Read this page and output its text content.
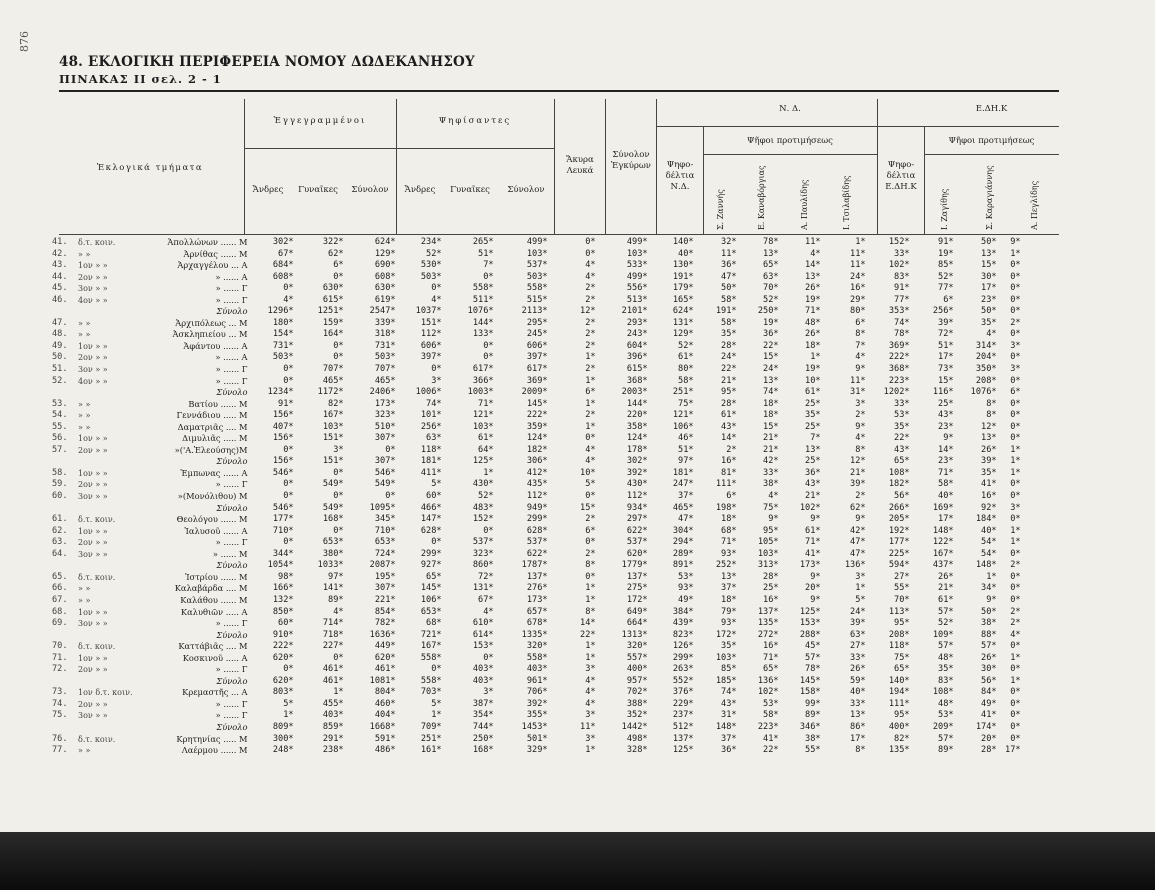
876
48. ΕΚΛΟΓΙΚΗ ΠΕΡΙΦΕΡΕΙΑ ΝΟΜΟΥ ΔΩΔΕΚΑΝΗΣΟΥ
ΠΙΝΑΚΑΣ II σελ. 2 - 1
Ἐκλογικά τμήματα
Ἐγγεγραμμένοι	Ψηφίσαντες
Ἄνδρες	Γυναῖκες	Σύνολον	Ἄνδρες	Γυναῖκες	Σύνολον
Ἄκυρα Λευκά
Σύνολον Ἐγκύρων
Ν. Δ.	Ε.ΔΗ.Κ
Ψῆφοι προτιμήσεως	Ψῆφοι προτιμήσεως
Ψηφο-δέλτια Ν.Δ.
Ψηφο-δέλτια Ε.ΔΗ.Κ
Σ. Ζαννής	Ε. Καναβόργιας	Α. Παυλίδης	Ι. Τσιλαβίδης	Ι. Ζαγίθης	Σ. Καραγιάννης	Α. Πεγλίδης
41.	δ.τ. κοιν.	Ἀπολλώνων ...... Μ	302*	322*	624*	234*	265*	499*	0*	499*	140*	32*	78*	11*	1*	152*	91*	50*	9*
42.	» »	Ἀρνίθας ...... Μ	67*	62*	129*	52*	51*	103*	0*	103*	40*	11*	13*	4*	11*	33*	19*	13*	1*
43.	1ον » »	Ἀρχαγγέλου ... Α	684*	6*	690*	530*	7*	537*	4*	533*	130*	36*	65*	14*	11*	102*	85*	15*	0*
44.	2ον » »	» ...... Α	608*	0*	608*	503*	0*	503*	4*	499*	191*	47*	63*	13*	24*	83*	52*	30*	0*
45.	3ον » »	» ...... Γ	0*	630*	630*	0*	558*	558*	2*	556*	179*	50*	70*	26*	16*	91*	77*	17*	0*
46.	4ον » »	» ...... Γ	4*	615*	619*	4*	511*	515*	2*	513*	165*	58*	52*	19*	29*	77*	6*	23*	0*
		Σύνολο	1296*	1251*	2547*	1037*	1076*	2113*	12*	2101*	624*	191*	250*	71*	80*	353*	256*	50*	0*
47.	» »	Ἀρχιπόλεως ... Μ	180*	159*	339*	151*	144*	295*	2*	293*	131*	58*	19*	48*	6*	74*	39*	35*	2*
48.	» »	Ἀσκληπιείου ... Μ	154*	164*	318*	112*	133*	245*	2*	243*	129*	35*	36*	26*	8*	78*	72*	4*	0*
49.	1ον » »	Ἀφάντου ...... Α	731*	0*	731*	606*	0*	606*	2*	604*	52*	28*	22*	18*	7*	369*	51*	314*	3*
50.	2ον » »	» ...... Α	503*	0*	503*	397*	0*	397*	1*	396*	61*	24*	15*	1*	4*	222*	17*	204*	0*
51.	3ον » »	» ...... Γ	0*	707*	707*	0*	617*	617*	2*	615*	80*	22*	24*	19*	9*	368*	73*	350*	3*
52.	4ον » »	» ...... Γ	0*	465*	465*	3*	366*	369*	1*	368*	58*	21*	13*	10*	11*	223*	15*	208*	0*
		Σύνολο	1234*	1172*	2406*	1006*	1003*	2009*	6*	2003*	251*	95*	74*	61*	31*	1202*	116*	1076*	6*
53.	» »	Βατίου ...... Μ	91*	82*	173*	74*	71*	145*	1*	144*	75*	28*	18*	25*	3*	33*	25*	8*	0*
54.	» »	Γεννάδιου ..... Μ	156*	167*	323*	101*	121*	222*	2*	220*	121*	61*	18*	35*	2*	53*	43*	8*	0*
55.	» »	Δαματριᾶς .... Μ	407*	103*	510*	256*	103*	359*	1*	358*	106*	43*	15*	25*	9*	35*	23*	12*	0*
56.	1ον » »	Διμυλιᾶς ..... Μ	156*	151*	307*	63*	61*	124*	0*	124*	46*	14*	21*	7*	4*	22*	9*	13*	0*
57.	2ον » »	»('Α.Ἐλεούσης)Μ	0*	3*	0*	118*	64*	182*	4*	178*	51*	2*	21*	13*	8*	43*	14*	26*	1*
		Σύνολο	156*	151*	307*	181*	125*	306*	4*	302*	97*	16*	42*	25*	12*	65*	23*	39*	1*
58.	1ον » »	Ἐμπωνας ...... Α	546*	0*	546*	411*	1*	412*	10*	392*	181*	81*	33*	36*	21*	108*	71*	35*	1*
59.	2ον » »	» ...... Γ	0*	549*	549*	5*	430*	435*	5*	430*	247*	111*	38*	43*	39*	182*	58*	41*	0*
60.	3ον » »	»(Μονόλιθου) Μ	0*	0*	0*	60*	52*	112*	0*	112*	37*	6*	4*	21*	2*	56*	40*	16*	0*
		Σύνολο	546*	549*	1095*	466*	483*	949*	15*	934*	465*	198*	75*	102*	62*	266*	169*	92*	3*
61.	δ.τ. κοιν.	Θεολόγου ...... Μ	177*	168*	345*	147*	152*	299*	2*	297*	47*	18*	9*	9*	9*	205*	17*	184*	0*
62.	1ον » »	Ἰαλυσοῦ ...... Α	710*	0*	710*	628*	0*	628*	6*	622*	304*	68*	95*	61*	42*	192*	148*	40*	1*
63.	2ον » »	» ...... Γ	0*	653*	653*	0*	537*	537*	0*	537*	294*	71*	105*	71*	47*	177*	122*	54*	1*
64.	3ον » »	» ...... Μ	344*	380*	724*	299*	323*	622*	2*	620*	289*	93*	103*	41*	47*	225*	167*	54*	0*
		Σύνολο	1054*	1033*	2087*	927*	860*	1787*	8*	1779*	891*	252*	313*	173*	136*	594*	437*	148*	2*
65.	δ.τ. κοιν.	Ἰστρίου ...... Μ	98*	97*	195*	65*	72*	137*	0*	137*	53*	13*	28*	9*	3*	27*	26*	1*	0*
66.	» »	Καλαβάρδα .... Μ	166*	141*	307*	145*	131*	276*	1*	275*	93*	37*	25*	20*	1*	55*	21*	34*	0*
67.	» »	Καλάθου ...... Μ	132*	89*	221*	106*	67*	173*	1*	172*	49*	18*	16*	9*	5*	70*	61*	9*	0*
68.	1ον » »	Καλυθιῶν ..... Α	850*	4*	854*	653*	4*	657*	8*	649*	384*	79*	137*	125*	24*	113*	57*	50*	2*
69.	3ον » »	» ...... Γ	60*	714*	782*	68*	610*	678*	14*	664*	439*	93*	135*	153*	39*	95*	52*	38*	2*
		Σύνολο	910*	718*	1636*	721*	614*	1335*	22*	1313*	823*	172*	272*	288*	63*	208*	109*	88*	4*
70.	δ.τ. κοιν.	Καττάβιᾶς .... Μ	222*	227*	449*	167*	153*	320*	1*	320*	126*	35*	16*	45*	27*	118*	57*	57*	0*
71.	1ον » »	Κοσκινοῦ ..... Α	620*	0*	620*	558*	0*	558*	1*	557*	299*	103*	71*	57*	33*	75*	48*	26*	1*
72.	2ον » »	» ...... Γ	0*	461*	461*	0*	403*	403*	3*	400*	263*	85*	65*	78*	26*	65*	35*	30*	0*
		Σύνολο	620*	461*	1081*	558*	403*	961*	4*	957*	552*	185*	136*	145*	59*	140*	83*	56*	1*
73.	1ον δ.τ. κοιν.	Κρεμαστῆς ... Α	803*	1*	804*	703*	3*	706*	4*	702*	376*	74*	102*	158*	40*	194*	108*	84*	0*
74.	2ον » »	» ...... Γ	5*	455*	460*	5*	387*	392*	4*	388*	229*	43*	53*	99*	33*	111*	48*	49*	0*
75.	3ον » »	» ...... Γ	1*	403*	404*	1*	354*	355*	3*	352*	237*	31*	58*	89*	13*	95*	53*	41*	0*
		Σύνολο	809*	859*	1668*	709*	744*	1453*	11*	1442*	512*	148*	223*	346*	86*	400*	209*	174*	0*
76.	δ.τ. κοιν.	Κρητηνίας ..... Μ	300*	291*	591*	251*	250*	501*	3*	498*	137*	37*	41*	38*	17*	82*	57*	20*	0*
77.	» »	Λαέρμου ...... Μ	248*	238*	486*	161*	168*	329*	1*	328*	125*	36*	22*	55*	8*	135*	89*	28*	17*
